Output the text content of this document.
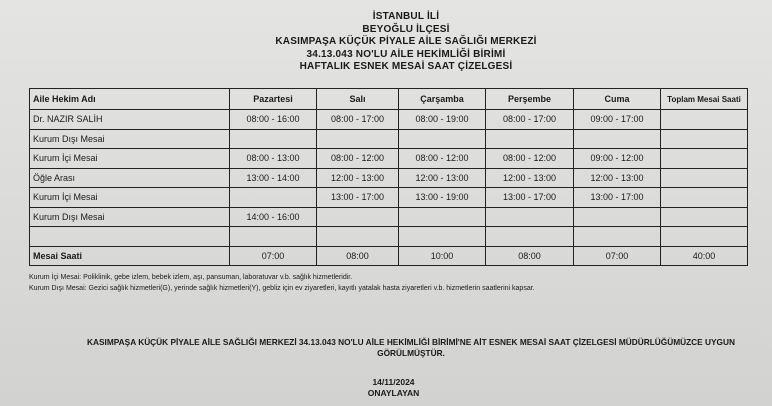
İSTANBUL İLİ
BEYOĞLU İLÇESİ
KASIMPAŞA KÜÇÜK PİYALE AİLE SAĞLIĞI MERKEZİ
34.13.043 NO'LU AİLE HEKİMLİĞİ BİRİMİ
HAFTALIK ESNEK MESAİ SAAT ÇİZELGESİ
Aile Hekim Adı	Pazartesi	Salı	Çarşamba	Perşembe	Cuma	Toplam Mesai Saati
Dr. NAZIR SALİH	08:00 - 16:00	08:00 - 17:00	08:00 - 19:00	08:00 - 17:00	09:00 - 17:00	
Kurum Dışı Mesai						
Kurum İçi Mesai	08:00 - 13:00	08:00 - 12:00	08:00 - 12:00	08:00 - 12:00	09:00 - 12:00	
Öğle Arası	13:00 - 14:00	12:00 - 13:00	12:00 - 13:00	12:00 - 13:00	12:00 - 13:00	
Kurum İçi Mesai		13:00 - 17:00	13:00 - 19:00	13:00 - 17:00	13:00 - 17:00	
Kurum Dışı Mesai	14:00 - 16:00					

Mesai Saati	07:00	08:00	10:00	08:00	07:00	40:00
Kurum İçi Mesai: Poliklinik, gebe izlem, bebek izlem, aşı, pansuman, laboratuvar v.b. sağlık hizmetleridir.
Kurum Dışı Mesai: Gezici sağlık hizmetleri(G), yerinde sağlık hizmetleri(Y), gebliz için ev ziyaretleri, kayıtlı yatalak hasta ziyaretleri v.b. hizmetlerin saatlerini kapsar.
KASIMPAŞA KÜÇÜK PİYALE AİLE SAĞLIĞI MERKEZİ 34.13.043 NO'LU AİLE HEKİMLİĞİ BİRİMİ'NE AİT ESNEK MESAİ SAAT ÇİZELGESİ MÜDÜRLÜĞÜMÜZCE UYGUN
GÖRÜLMÜŞTÜR.
14/11/2024
ONAYLAYAN
